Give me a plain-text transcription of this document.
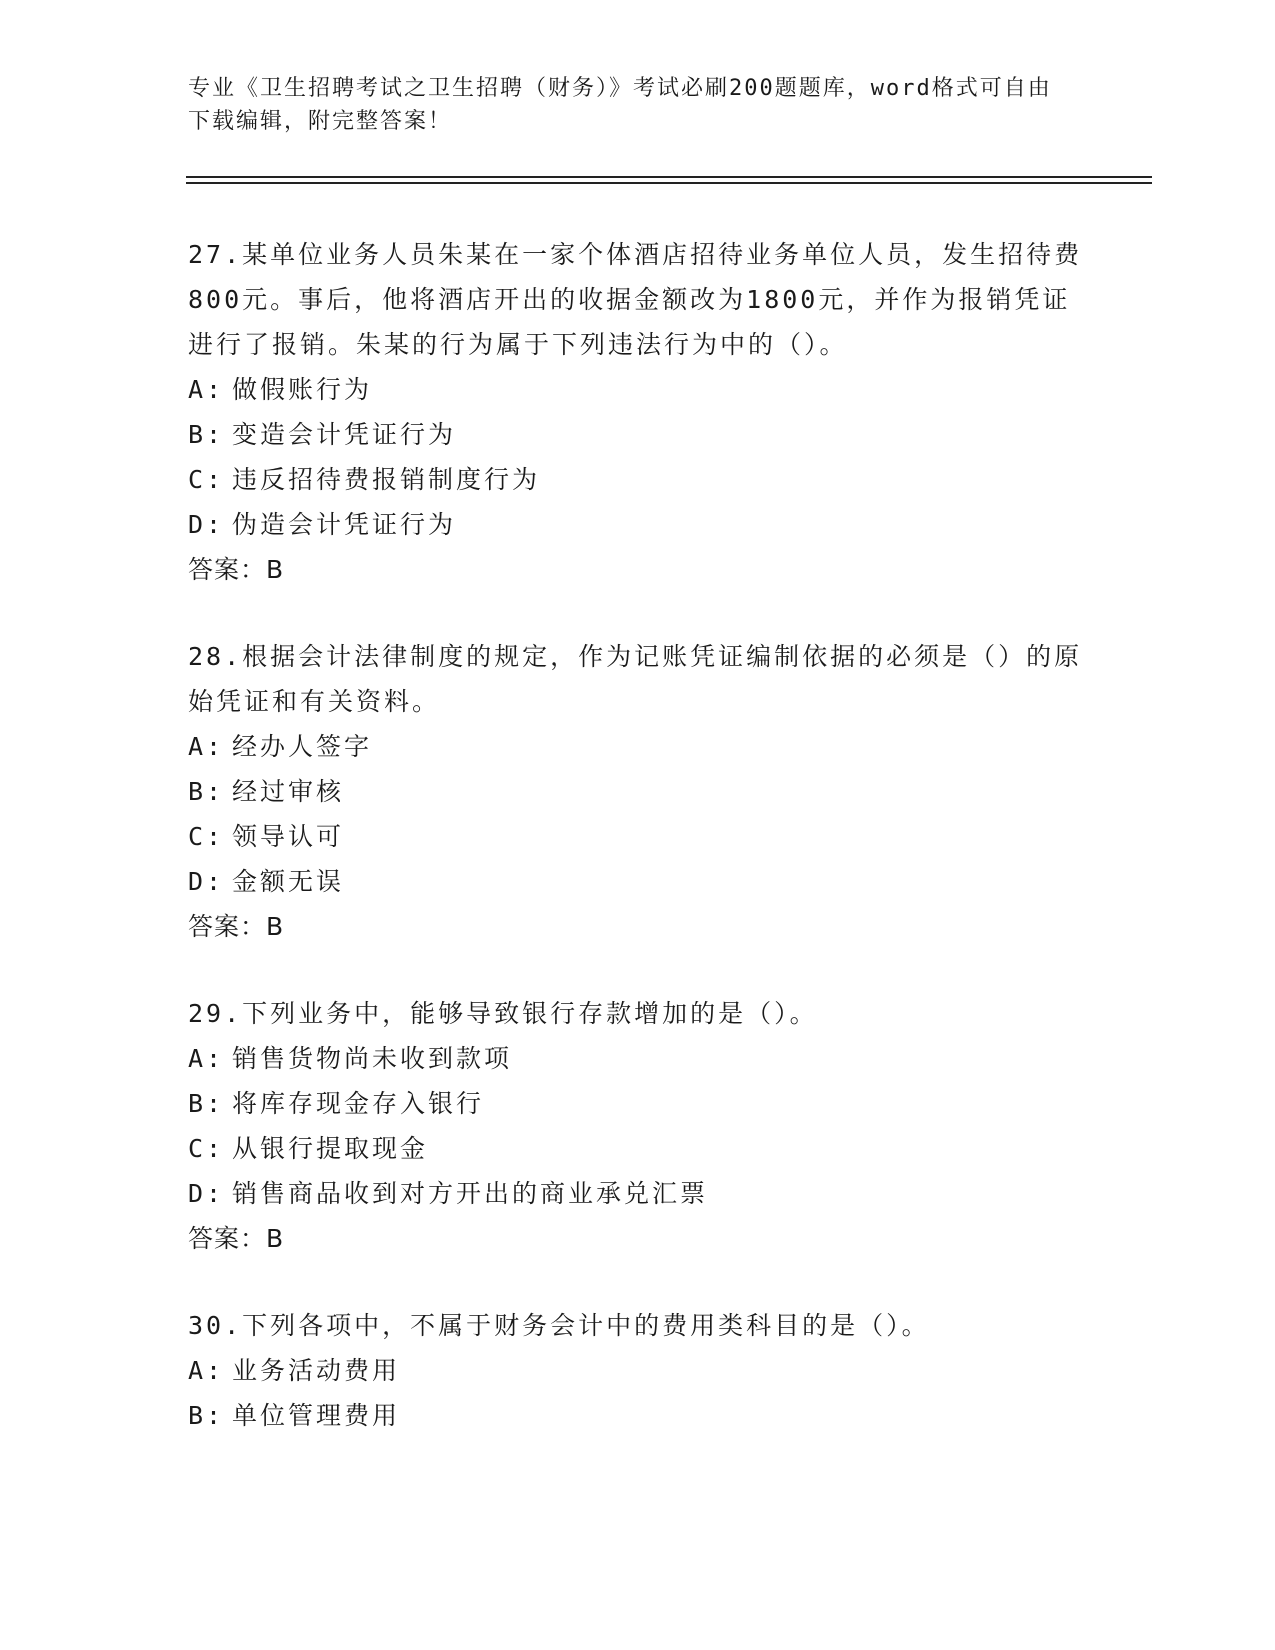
专业《卫生招聘考试之卫生招聘（财务）》考试必刷200题题库，word格式可自由下载编辑，附完整答案！
27.某单位业务人员朱某在一家个体酒店招待业务单位人员，发生招待费800元。事后，他将酒店开出的收据金额改为1800元，并作为报销凭证进行了报销。朱某的行为属于下列违法行为中的（）。
A: 做假账行为
B: 变造会计凭证行为
C: 违反招待费报销制度行为
D: 伪造会计凭证行为
答案：B
28.根据会计法律制度的规定，作为记账凭证编制依据的必须是（）的原始凭证和有关资料。
A: 经办人签字
B: 经过审核
C: 领导认可
D: 金额无误
答案：B
29.下列业务中，能够导致银行存款增加的是（）。
A: 销售货物尚未收到款项
B: 将库存现金存入银行
C: 从银行提取现金
D: 销售商品收到对方开出的商业承兑汇票
答案：B
30.下列各项中，不属于财务会计中的费用类科目的是（）。
A: 业务活动费用
B: 单位管理费用
